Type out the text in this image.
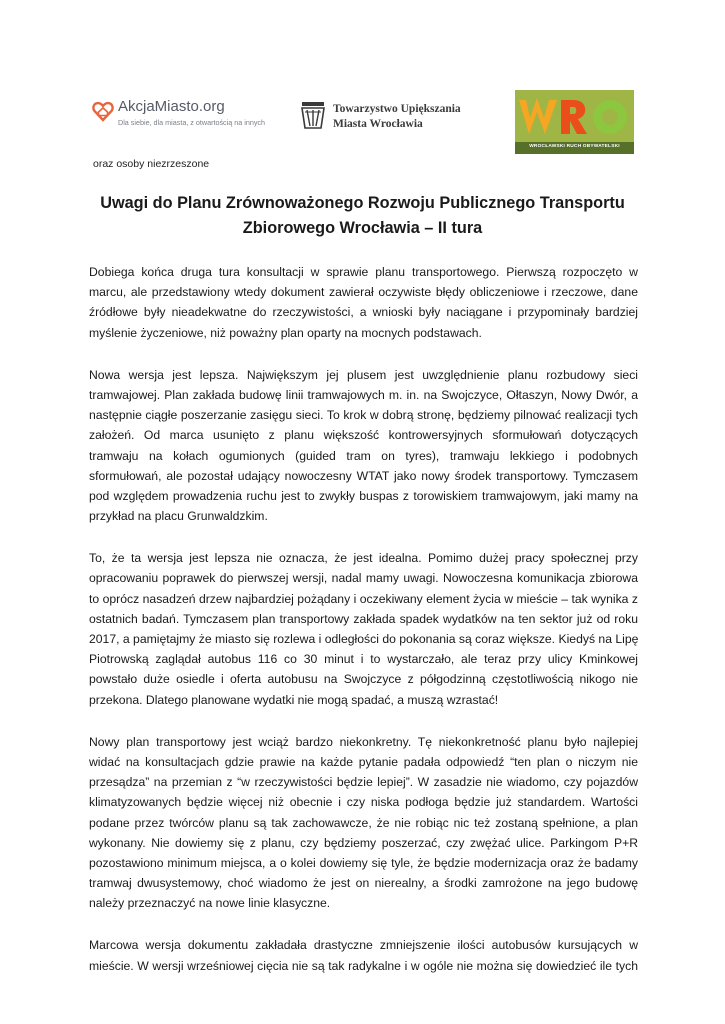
AkcjaMiasto.org
Dla siebie, dla miasta, z otwartością na innych
Towarzystwo Upiększania
Miasta Wrocławia
WROCŁAWSKI RUCH OBYWATELSKI
oraz osoby niezrzeszone
Uwagi do Planu Zrównoważonego Rozwoju Publicznego Transportu
Zbiorowego Wrocławia – II tura
Dobiega końca druga tura konsultacji w sprawie planu transportowego. Pierwszą rozpoczęto w
marcu, ale przedstawiony wtedy dokument zawierał oczywiste błędy obliczeniowe i rzeczowe, dane
źródłowe były nieadekwatne do rzeczywistości, a wnioski były naciągane i przypominały bardziej
myślenie życzeniowe, niż poważny plan oparty na mocnych podstawach.
Nowa wersja jest lepsza. Największym jej plusem jest uwzględnienie planu rozbudowy sieci
tramwajowej. Plan zakłada budowę linii tramwajowych m. in. na Swojczyce, Ołtaszyn, Nowy Dwór, a
następnie ciągłe poszerzanie zasięgu sieci. To krok w dobrą stronę, będziemy pilnować realizacji tych
założeń. Od marca usunięto z planu większość kontrowersyjnych sformułowań dotyczących
tramwaju na kołach ogumionych (guided tram on tyres), tramwaju lekkiego i podobnych
sformułowań, ale pozostał udający nowoczesny WTAT jako nowy środek transportowy. Tymczasem
pod względem prowadzenia ruchu jest to zwykły buspas z torowiskiem tramwajowym, jaki mamy na
przykład na placu Grunwaldzkim.
To, że ta wersja jest lepsza nie oznacza, że jest idealna. Pomimo dużej pracy społecznej przy
opracowaniu poprawek do pierwszej wersji, nadal mamy uwagi. Nowoczesna komunikacja zbiorowa
to oprócz nasadzeń drzew najbardziej pożądany i oczekiwany element życia w mieście – tak wynika z
ostatnich badań. Tymczasem plan transportowy zakłada spadek wydatków na ten sektor już od roku
2017, a pamiętajmy że miasto się rozlewa i odległości do pokonania są coraz większe. Kiedyś na Lipę
Piotrowską zaglądał autobus 116 co 30 minut i to wystarczało, ale teraz przy ulicy Kminkowej
powstało duże osiedle i oferta autobusu na Swojczyce z półgodzinną częstotliwością nikogo nie
przekona. Dlatego planowane wydatki nie mogą spadać, a muszą wzrastać!
Nowy plan transportowy jest wciąż bardzo niekonkretny. Tę niekonkretność planu było najlepiej
widać na konsultacjach gdzie prawie na każde pytanie padała odpowiedź “ten plan o niczym nie
przesądza” na przemian z “w rzeczywistości będzie lepiej”. W zasadzie nie wiadomo, czy pojazdów
klimatyzowanych będzie więcej niż obecnie i czy niska podłoga będzie już standardem. Wartości
podane przez twórców planu są tak zachowawcze, że nie robiąc nic też zostaną spełnione, a plan
wykonany. Nie dowiemy się z planu, czy będziemy poszerzać, czy zwężać ulice. Parkingom P+R
pozostawiono minimum miejsca, a o kolei dowiemy się tyle, że będzie modernizacja oraz że badamy
tramwaj dwusystemowy, choć wiadomo że jest on nierealny, a środki zamrożone na jego budowę
należy przeznaczyć na nowe linie klasyczne.
Marcowa wersja dokumentu zakładała drastyczne zmniejszenie ilości autobusów kursujących w
mieście. W wersji wrześniowej cięcia nie są tak radykalne i w ogóle nie można się dowiedzieć ile tych
